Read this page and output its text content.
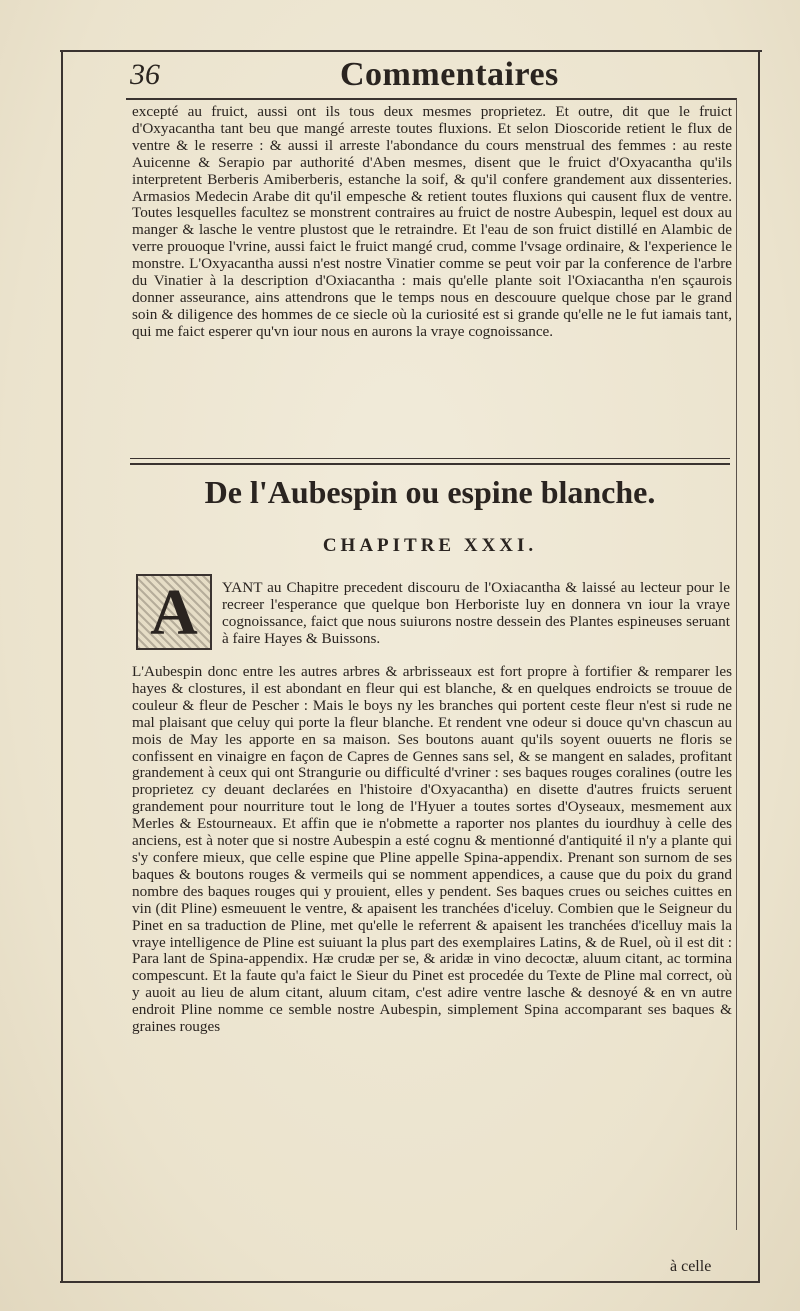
36	Commentaires

excepté au fruict, aussi ont ils tous deux mesmes proprietez. Et outre, dit que le fruict d'Oxyacantha tant beu que mangé arreste toutes fluxions. Et selon Dioscoride retient le flux de ventre & le reserre : & aussi il arreste l'abondance du cours menstrual des femmes : au reste Auicenne & Serapio par authorité d'Aben mesmes, disent que le fruict d'Oxyacantha qu'ils interpretent Berberis Amiberberis, estanche la soif, & qu'il confere grandement aux dissenteries. Armasios Medecin Arabe dit qu'il empesche & retient toutes fluxions qui causent flux de ventre. Toutes lesquelles facultez se monstrent contraires au fruict de nostre Aubespin, lequel est doux au manger & lasche le ventre plustost que le retraindre. Et l'eau de son fruict distillé en Alambic de verre prouoque l'vrine, aussi faict le fruict mangé crud, comme l'vsage ordinaire, & l'experience le monstre. L'Oxyacantha aussi n'est nostre Vinatier comme se peut voir par la conference de l'arbre du Vinatier à la description d'Oxiacantha : mais qu'elle plante soit l'Oxiacantha n'en sçaurois donner asseurance, ains attendrons que le temps nous en descouure quelque chose par le grand soin & diligence des hommes de ce siecle où la curiosité est si grande qu'elle ne le fut iamais tant, qui me faict esperer qu'vn iour nous en aurons la vraye cognoissance.

De l'Aubespin ou espine blanche.
CHAPITRE XXXI.
A	YANT au Chapitre precedent discouru de l'Oxiacantha & laissé au lecteur pour le recreer l'esperance que quelque bon Herboriste luy en donnera vn iour la vraye cognoissance, faict que nous suiurons nostre dessein des Plantes espineuses seruant à faire Hayes & Buissons.

L'Aubespin donc entre les autres arbres & arbrisseaux est fort propre à fortifier & remparer les hayes & clostures, il est abondant en fleur qui est blanche, & en quelques endroicts se trouue de couleur & fleur de Pescher : Mais le boys ny les branches qui portent ceste fleur n'est si rude ne mal plaisant que celuy qui porte la fleur blanche. Et rendent vne odeur si douce qu'vn chascun au mois de May les apporte en sa maison. Ses boutons auant qu'ils soyent ouuerts ne floris se confissent en vinaigre en façon de Capres de Gennes sans sel, & se mangent en salades, profitant grandement à ceux qui ont Strangurie ou difficulté d'vriner : ses baques rouges coralines (outre les proprietez cy deuant declarées en l'histoire d'Oxyacantha) en disette d'autres fruicts seruent grandement pour nourriture tout le long de l'Hyuer a toutes sortes d'Oyseaux, mesmement aux Merles & Estourneaux. Et affin que ie n'obmette a raporter nos plantes du iourdhuy à celle des anciens, est à noter que si nostre Aubespin a esté cognu & mentionné d'antiquité il n'y a plante qui s'y confere mieux, que celle espine que Pline appelle Spina-appendix. Prenant son surnom de ses baques & boutons rouges & vermeils qui se nomment appendices, a cause que du poix du grand nombre des baques rouges qui y prouient, elles y pendent. Ses baques crues ou seiches cuittes en vin (dit Pline) esmeuuent le ventre, & apaisent les tranchées d'iceluy. Combien que le Seigneur du Pinet en sa traduction de Pline, met qu'elle le referrent & apaisent les tranchées d'icelluy mais la vraye intelligence de Pline est suiuant la plus part des exemplaires Latins, & de Ruel, où il est dit : Para lant de Spina-appendix. Hæ crudæ per se, & aridæ in vino decoctæ, aluum citant, ac tormina compescunt. Et la faute qu'a faict le Sieur du Pinet est procedée du Texte de Pline mal correct, où y auoit au lieu de alum citant, aluum citam, c'est adire ventre lasche & desnoyé & en vn autre endroit Pline nomme ce semble nostre Aubespin, simplement Spina accomparant ses baques & graines rouges

à celle
